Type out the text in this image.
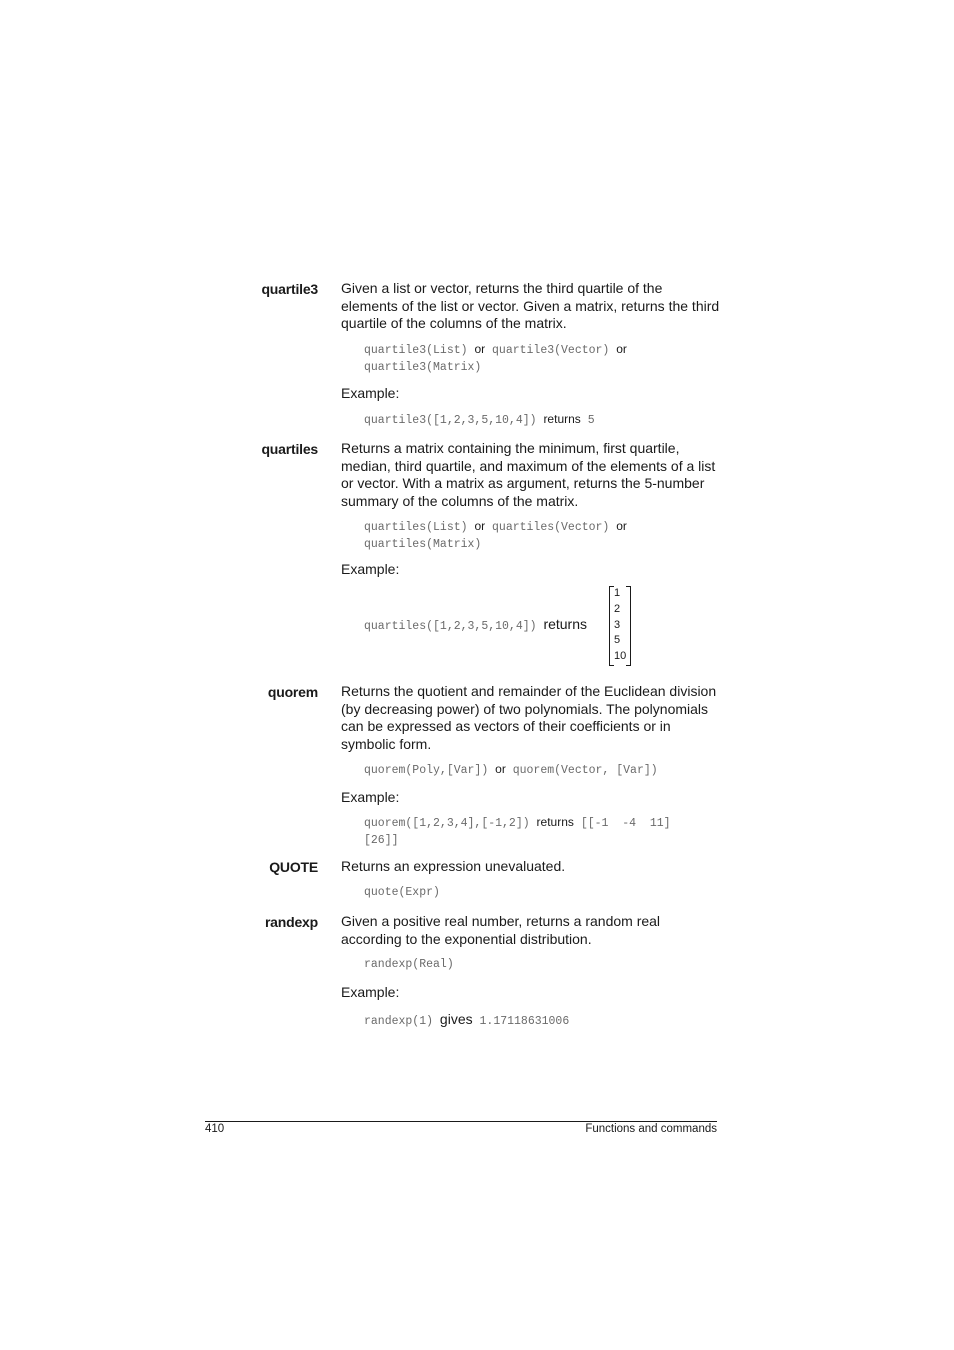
quartile3 Given a list or vector, returns the third quartile of the elements of the list or vector. Given a matrix, returns the third quartile of the columns of the matrix.

quartile3(List) or quartile3(Vector) or
quartile3(Matrix)
Example:
quartile3([1,2,3,5,10,4]) returns 5
quartiles Returns a matrix containing the minimum, first quartile, median, third quartile, and maximum of the elements of a list or vector. With a matrix as argument, returns the 5-number summary of the columns of the matrix.

quartiles(List) or quartiles(Vector) or
quartiles(Matrix)
Example:
quartiles([1,2,3,5,10,4]) returns
1
2
3
5
10
quorem Returns the quotient and remainder of the Euclidean division (by decreasing power) of two polynomials. The polynomials can be expressed as vectors of their coefficients or in symbolic form.

quorem(Poly,[Var]) or quorem(Vector, [Var])
Example:
quorem([1,2,3,4],[-1,2]) returns [[-1  -4  11]
[26]]
QUOTE Returns an expression unevaluated.

quote(Expr)
randexp Given a positive real number, returns a random real according to the exponential distribution.

randexp(Real)
Example:
randexp(1) gives 1.17118631006
410	Functions and commands
